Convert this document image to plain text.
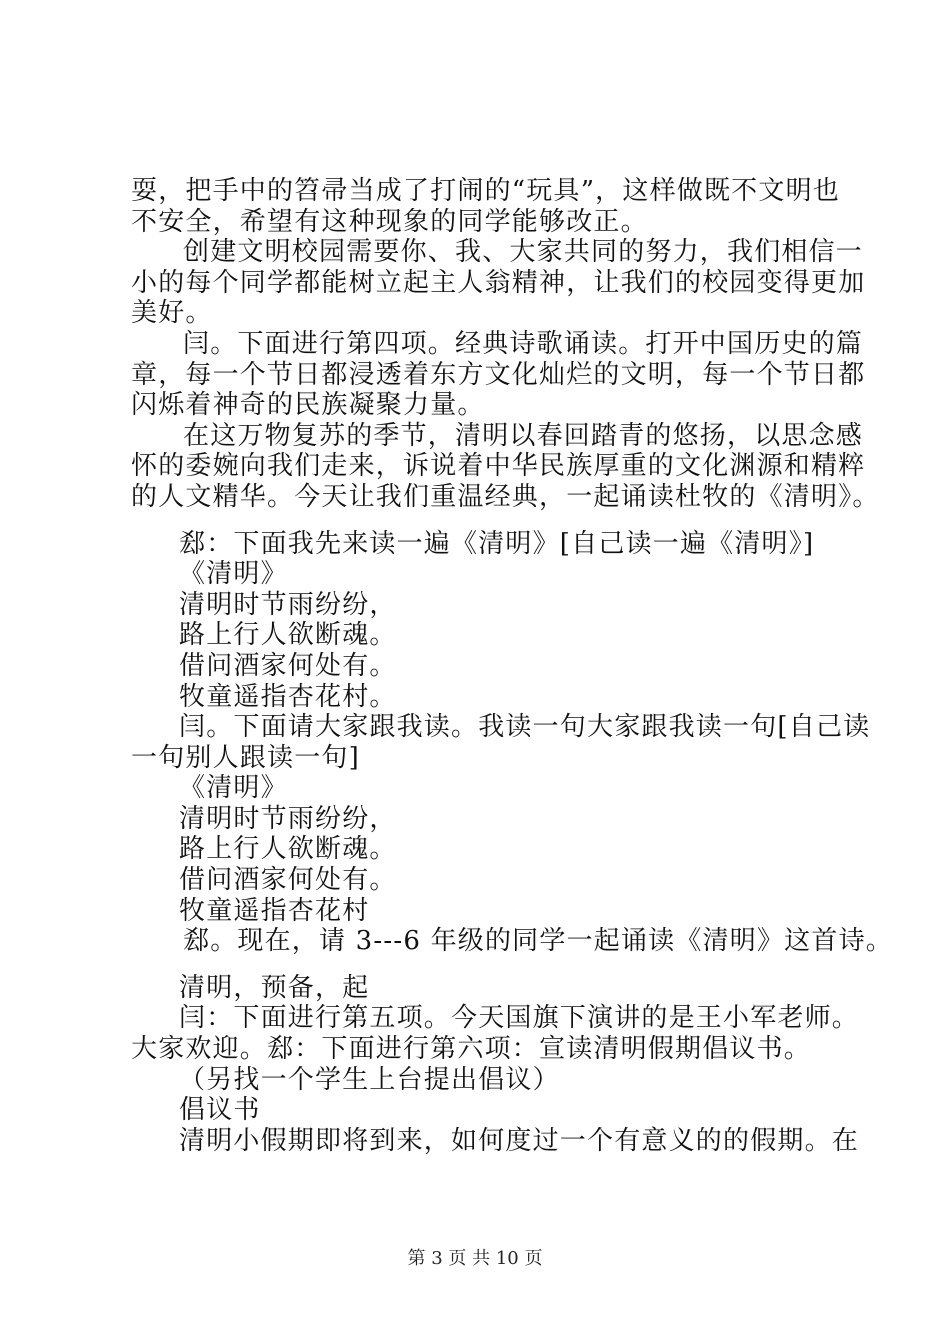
耍，把手中的笤帚当成了打闹的“玩具”，这样做既不文明也
不安全，希望有这种现象的同学能够改正。
创建文明校园需要你、我、大家共同的努力，我们相信一
小的每个同学都能树立起主人翁精神，让我们的校园变得更加
美好。
闫。下面进行第四项。经典诗歌诵读。打开中国历史的篇
章，每一个节日都浸透着东方文化灿烂的文明，每一个节日都
闪烁着神奇的民族凝聚力量。
在这万物复苏的季节，清明以春回踏青的悠扬，以思念感
怀的委婉向我们走来，诉说着中华民族厚重的文化渊源和精粹
的人文精华。今天让我们重温经典，一起诵读杜牧的《清明》。
郄：下面我先来读一遍《清明》[自己读一遍《清明》]
《清明》
清明时节雨纷纷，
路上行人欲断魂。
借问酒家何处有。
牧童遥指杏花村。
闫。下面请大家跟我读。我读一句大家跟我读一句[自己读
一句别人跟读一句]
《清明》
清明时节雨纷纷，
路上行人欲断魂。
借问酒家何处有。
牧童遥指杏花村
郄。现在，请 3---6 年级的同学一起诵读《清明》这首诗。
清明，预备，起
闫：下面进行第五项。今天国旗下演讲的是王小军老师。
大家欢迎。郄：下面进行第六项：宣读清明假期倡议书。
（另找一个学生上台提出倡议）
倡议书
清明小假期即将到来，如何度过一个有意义的的假期。在
第 3 页 共 10 页
